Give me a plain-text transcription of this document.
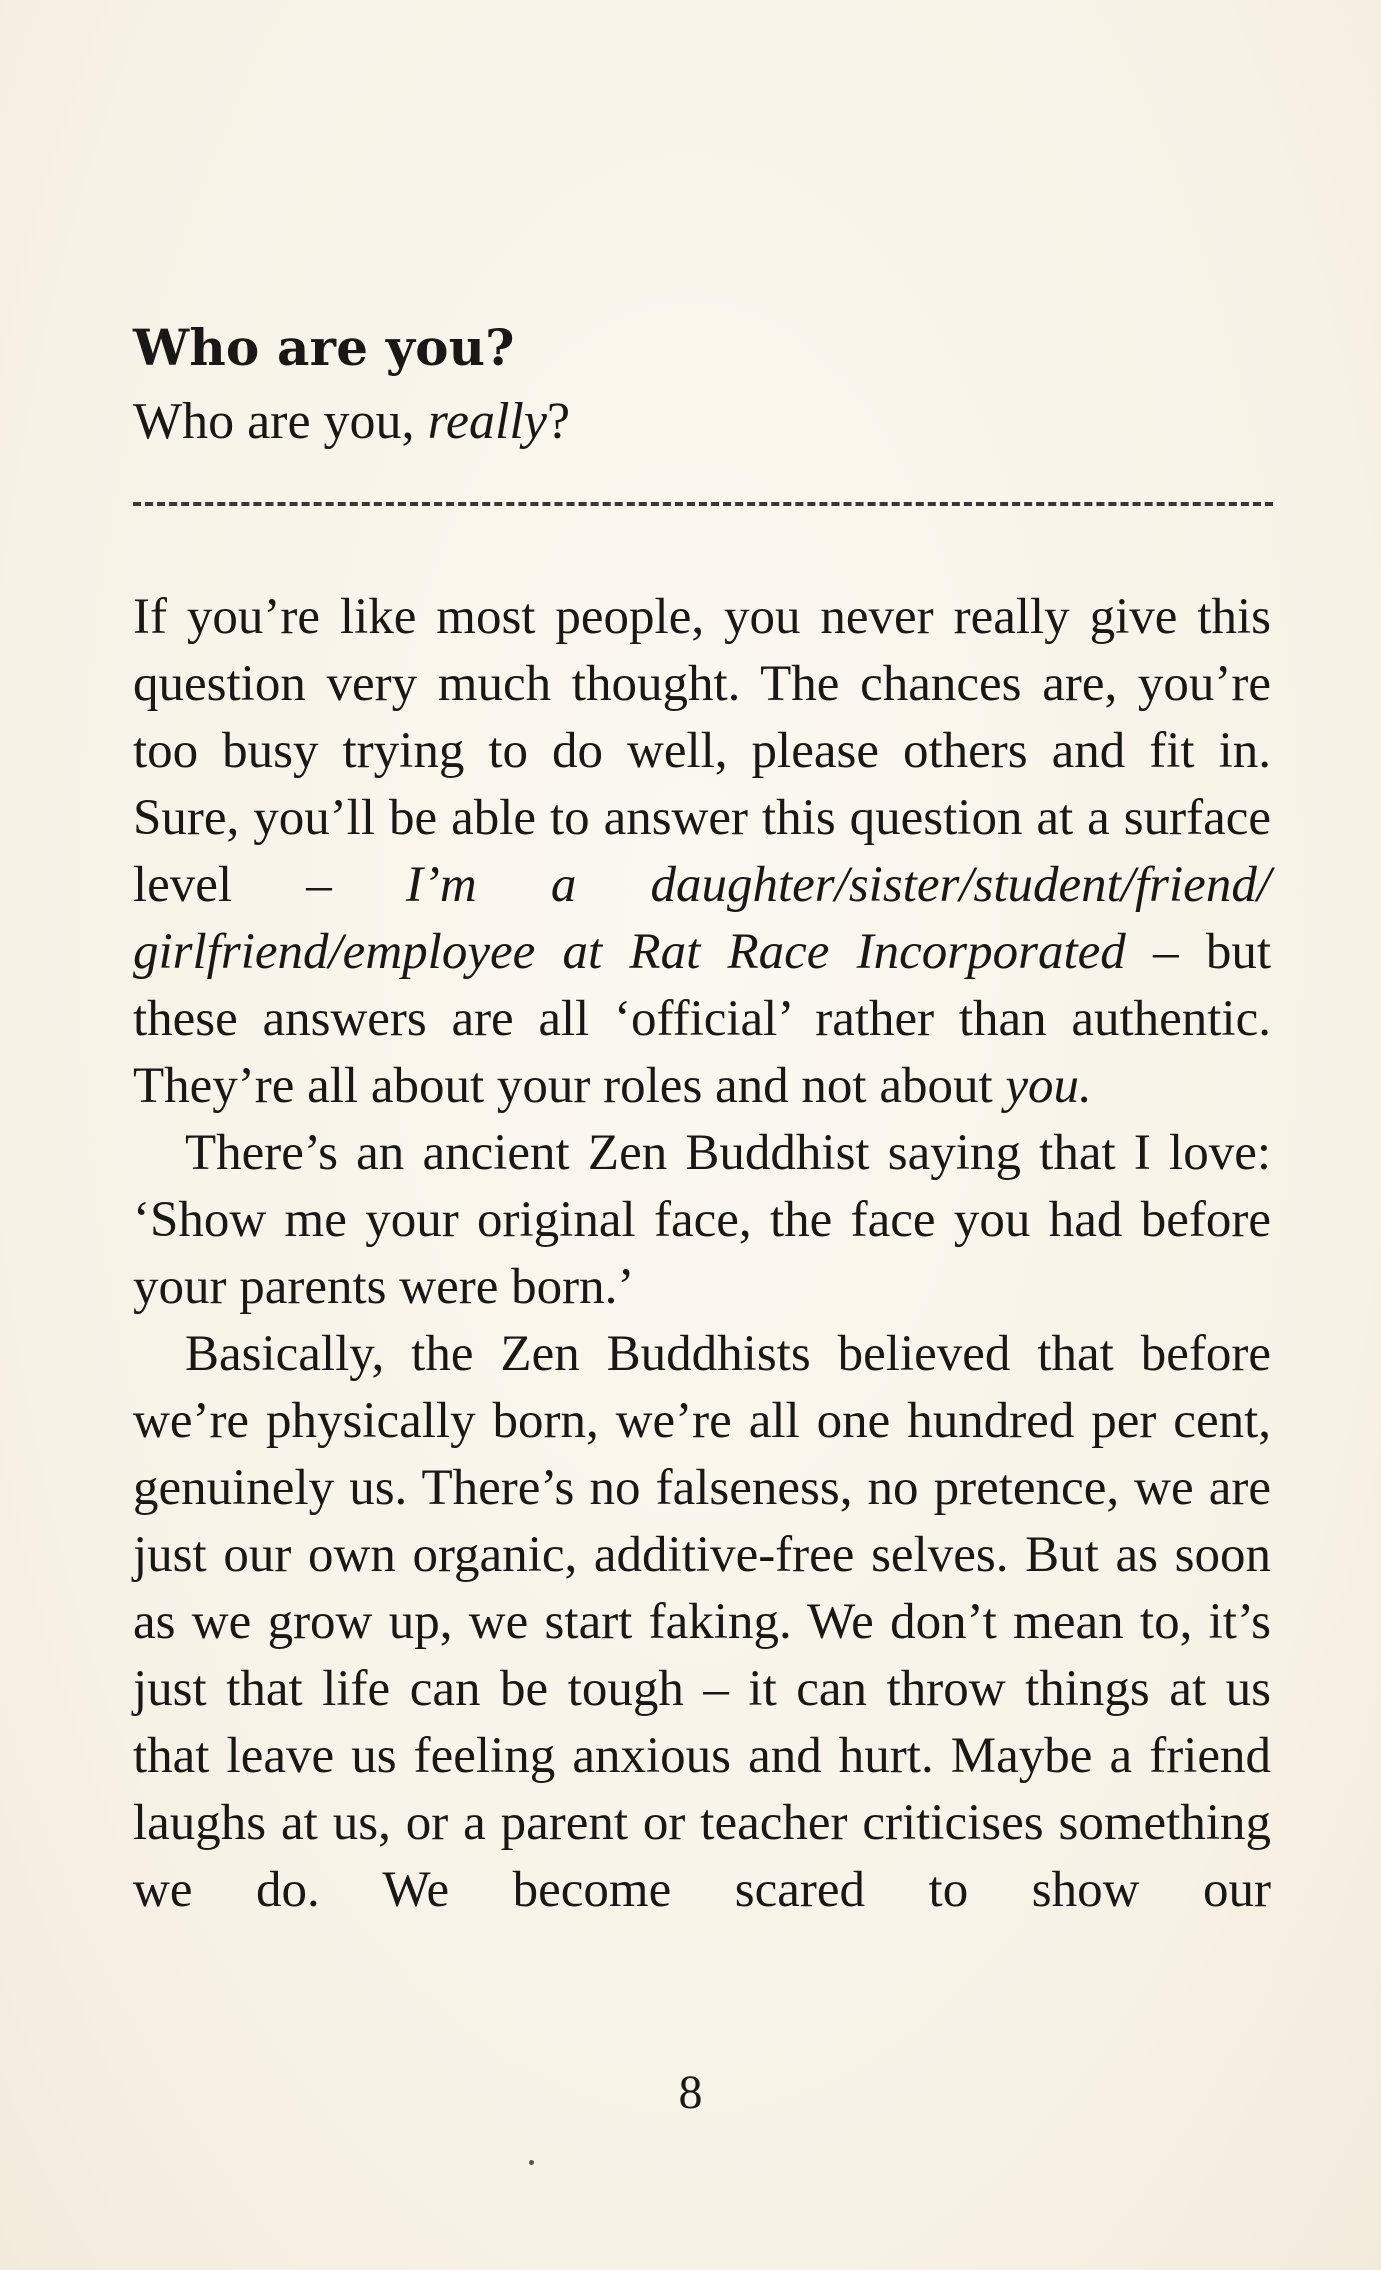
Who are you?

Who are you, really?

If you’re like most people, you never really give this question very much thought. The chances are, you’re too busy trying to do well, please others and fit in. Sure, you’ll be able to answer this question at a surface level – I’m a daughter/sister/student/friend/ girlfriend/employee at Rat Race Incorporated – but these answers are all ‘official’ rather than authentic. They’re all about your roles and not about you.

There’s an ancient Zen Buddhist saying that I love: ‘Show me your original face, the face you had before your parents were born.’

Basically, the Zen Buddhists believed that before we’re physically born, we’re all one hundred per cent, genuinely us. There’s no falseness, no pretence, we are just our own organic, additive-free selves. But as soon as we grow up, we start faking. We don’t mean to, it’s just that life can be tough – it can throw things at us that leave us feeling anxious and hurt. Maybe a friend laughs at us, or a parent or teacher criticises something we do. We become scared to show our

8
